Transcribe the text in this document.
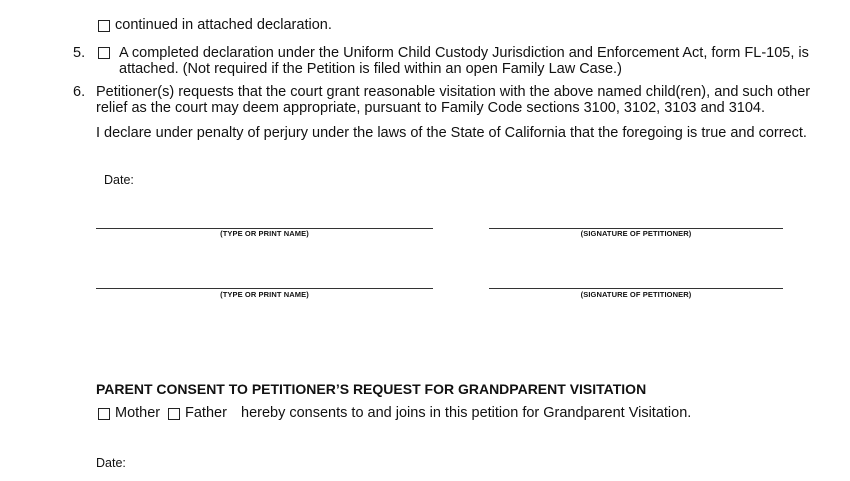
continued in attached declaration.
5. A completed declaration under the Uniform Child Custody Jurisdiction and Enforcement Act, form FL-105, is
attached. (Not required if the Petition is filed within an open Family Law Case.)
6. Petitioner(s) requests that the court grant reasonable visitation with the above named child(ren), and such other
relief as the court may deem appropriate, pursuant to Family Code sections 3100, 3102, 3103 and 3104.
I declare under penalty of perjury under the laws of the State of California that the foregoing is true and correct.
Date:
(TYPE OR PRINT NAME)	(SIGNATURE OF PETITIONER)
(TYPE OR PRINT NAME)	(SIGNATURE OF PETITIONER)
PARENT CONSENT TO PETITIONER’S REQUEST FOR GRANDPARENT VISITATION
Mother Father hereby consents to and joins in this petition for Grandparent Visitation.
Date:
